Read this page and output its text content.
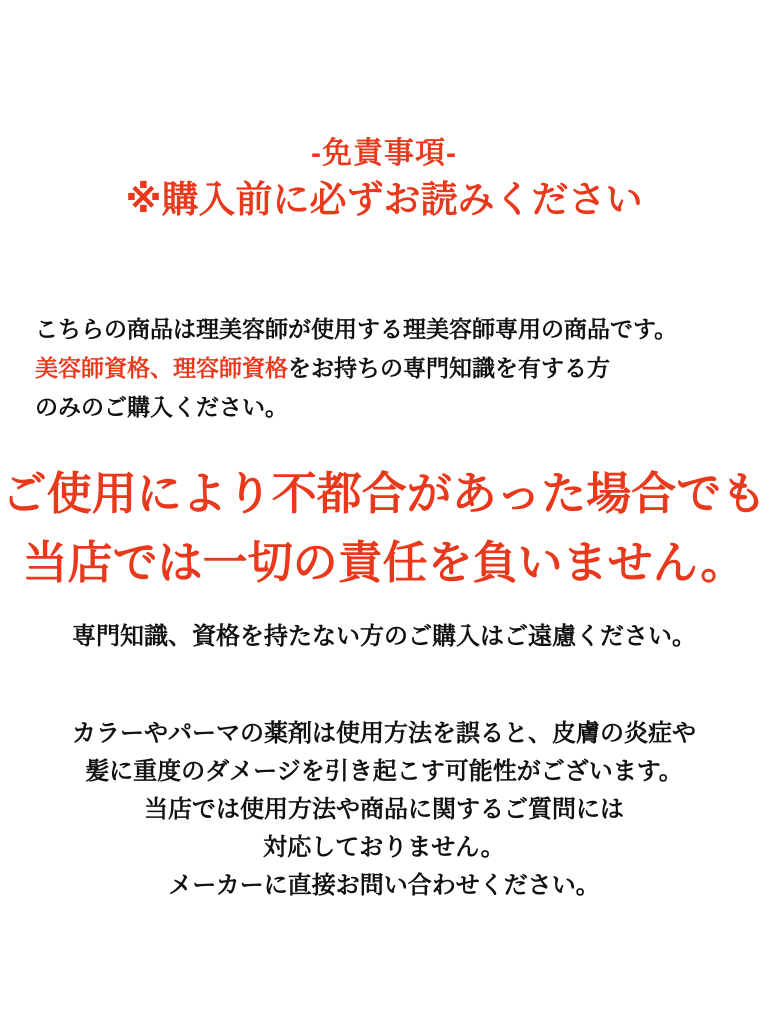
-免責事項-
※購入前に必ずお読みください
こちらの商品は理美容師が使用する理美容師専用の商品です。
美容師資格、理容師資格をお持ちの専門知識を有する方
のみのご購入ください。
ご使用により不都合があった場合でも
当店では一切の責任を負いません。
専門知識、資格を持たない方のご購入はご遠慮ください。
カラーやパーマの薬剤は使用方法を誤ると、皮膚の炎症や
髪に重度のダメージを引き起こす可能性がございます。
当店では使用方法や商品に関するご質問には
対応しておりません。
メーカーに直接お問い合わせください。
